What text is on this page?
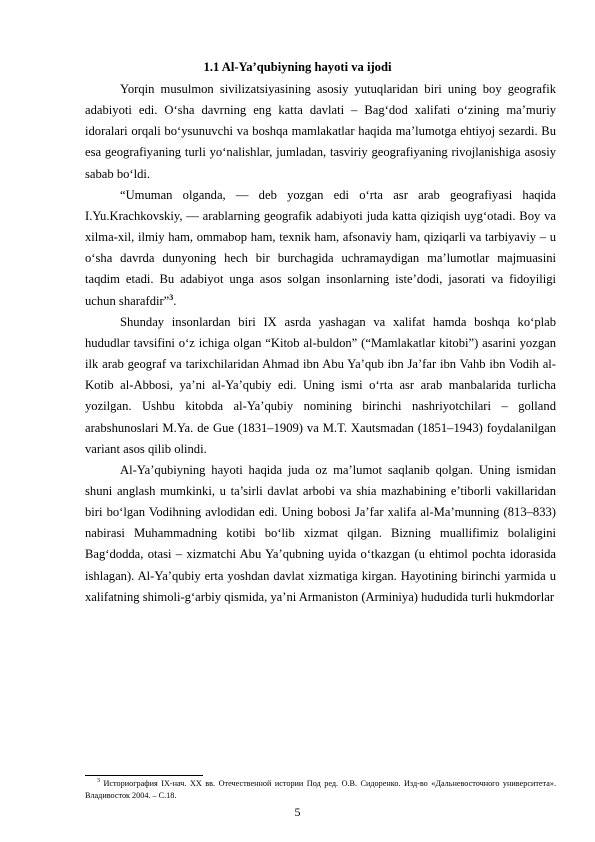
1.1 Al-Ya’qubiyning hayoti va ijodi

Yorqin musulmon sivilizatsiyasining asosiy yutuqlaridan biri uning boy geografik adabiyoti edi. O‘sha davrning eng katta davlati – Bag‘dod xalifati o‘zining ma’muriy idoralari orqali bo‘ysunuvchi va boshqa mamlakatlar haqida ma’lumotga ehtiyoj sezardi. Bu esa geografiyaning turli yo‘nalishlar, jumladan, tasviriy geografiyaning rivojlanishiga asosiy sabab bo‘ldi.

“Umuman olganda, — deb yozgan edi o‘rta asr arab geografiyasi haqida I.Yu.Krachkovskiy, — arablarning geografik adabiyoti juda katta qiziqish uyg‘otadi. Boy va xilma-xil, ilmiy ham, ommabop ham, texnik ham, afsonaviy ham, qiziqarli va tarbiyaviy – u o‘sha davrda dunyoning hech bir burchagida uchramaydigan ma’lumotlar majmuasini taqdim etadi. Bu adabiyot unga asos solgan insonlarning iste’dodi, jasorati va fidoyiligi uchun sharafdir”$^3$.

Shunday insonlardan biri IX asrda yashagan va xalifat hamda boshqa ko‘plab hududlar tavsifini o‘z ichiga olgan “Kitob al-buldon” (“Mamlakatlar kitobi”) asarini yozgan ilk arab geograf va tarixchilaridan Ahmad ibn Abu Ya’qub ibn Ja’far ibn Vahb ibn Vodih al-Kotib al-Abbosi, ya’ni al-Ya’qubiy edi. Uning ismi o‘rta asr arab manbalarida turlicha yozilgan. Ushbu kitobda al-Ya’qubiy nomining birinchi nashriyotchilari – golland arabshunoslari M.Ya. de Gue (1831–1909) va M.T. Xautsmadan (1851–1943) foydalanilgan variant asos qilib olindi.

Al-Ya’qubiyning hayoti haqida juda oz ma’lumot saqlanib qolgan. Uning ismidan shuni anglash mumkinki, u ta’sirli davlat arbobi va shia mazhabining e’tiborli vakillaridan biri bo‘lgan Vodihning avlodidan edi. Uning bobosi Ja’far xalifa al-Ma’munning (813–833) nabirasi Muhammadning kotibi bo‘lib xizmat qilgan. Bizning muallifimiz bolaligini Bag‘dodda, otasi – xizmatchi Abu Ya’qubning uyida o‘tkazgan (u ehtimol pochta idorasida ishlagan). Al-Ya’qubiy erta yoshdan davlat xizmatiga kirgan. Hayotining birinchi yarmida u xalifatning shimoli-g‘arbiy qismida, ya’ni Armaniston (Arminiya) hududida turli hukmdorlar

$^3$ Историография IX-нач. XX вв. Отечественной истории Под ред. О.В. Сидоренко. Изд-во «Дальневосточного университета». Владивосток 2004. – С.18.
5
